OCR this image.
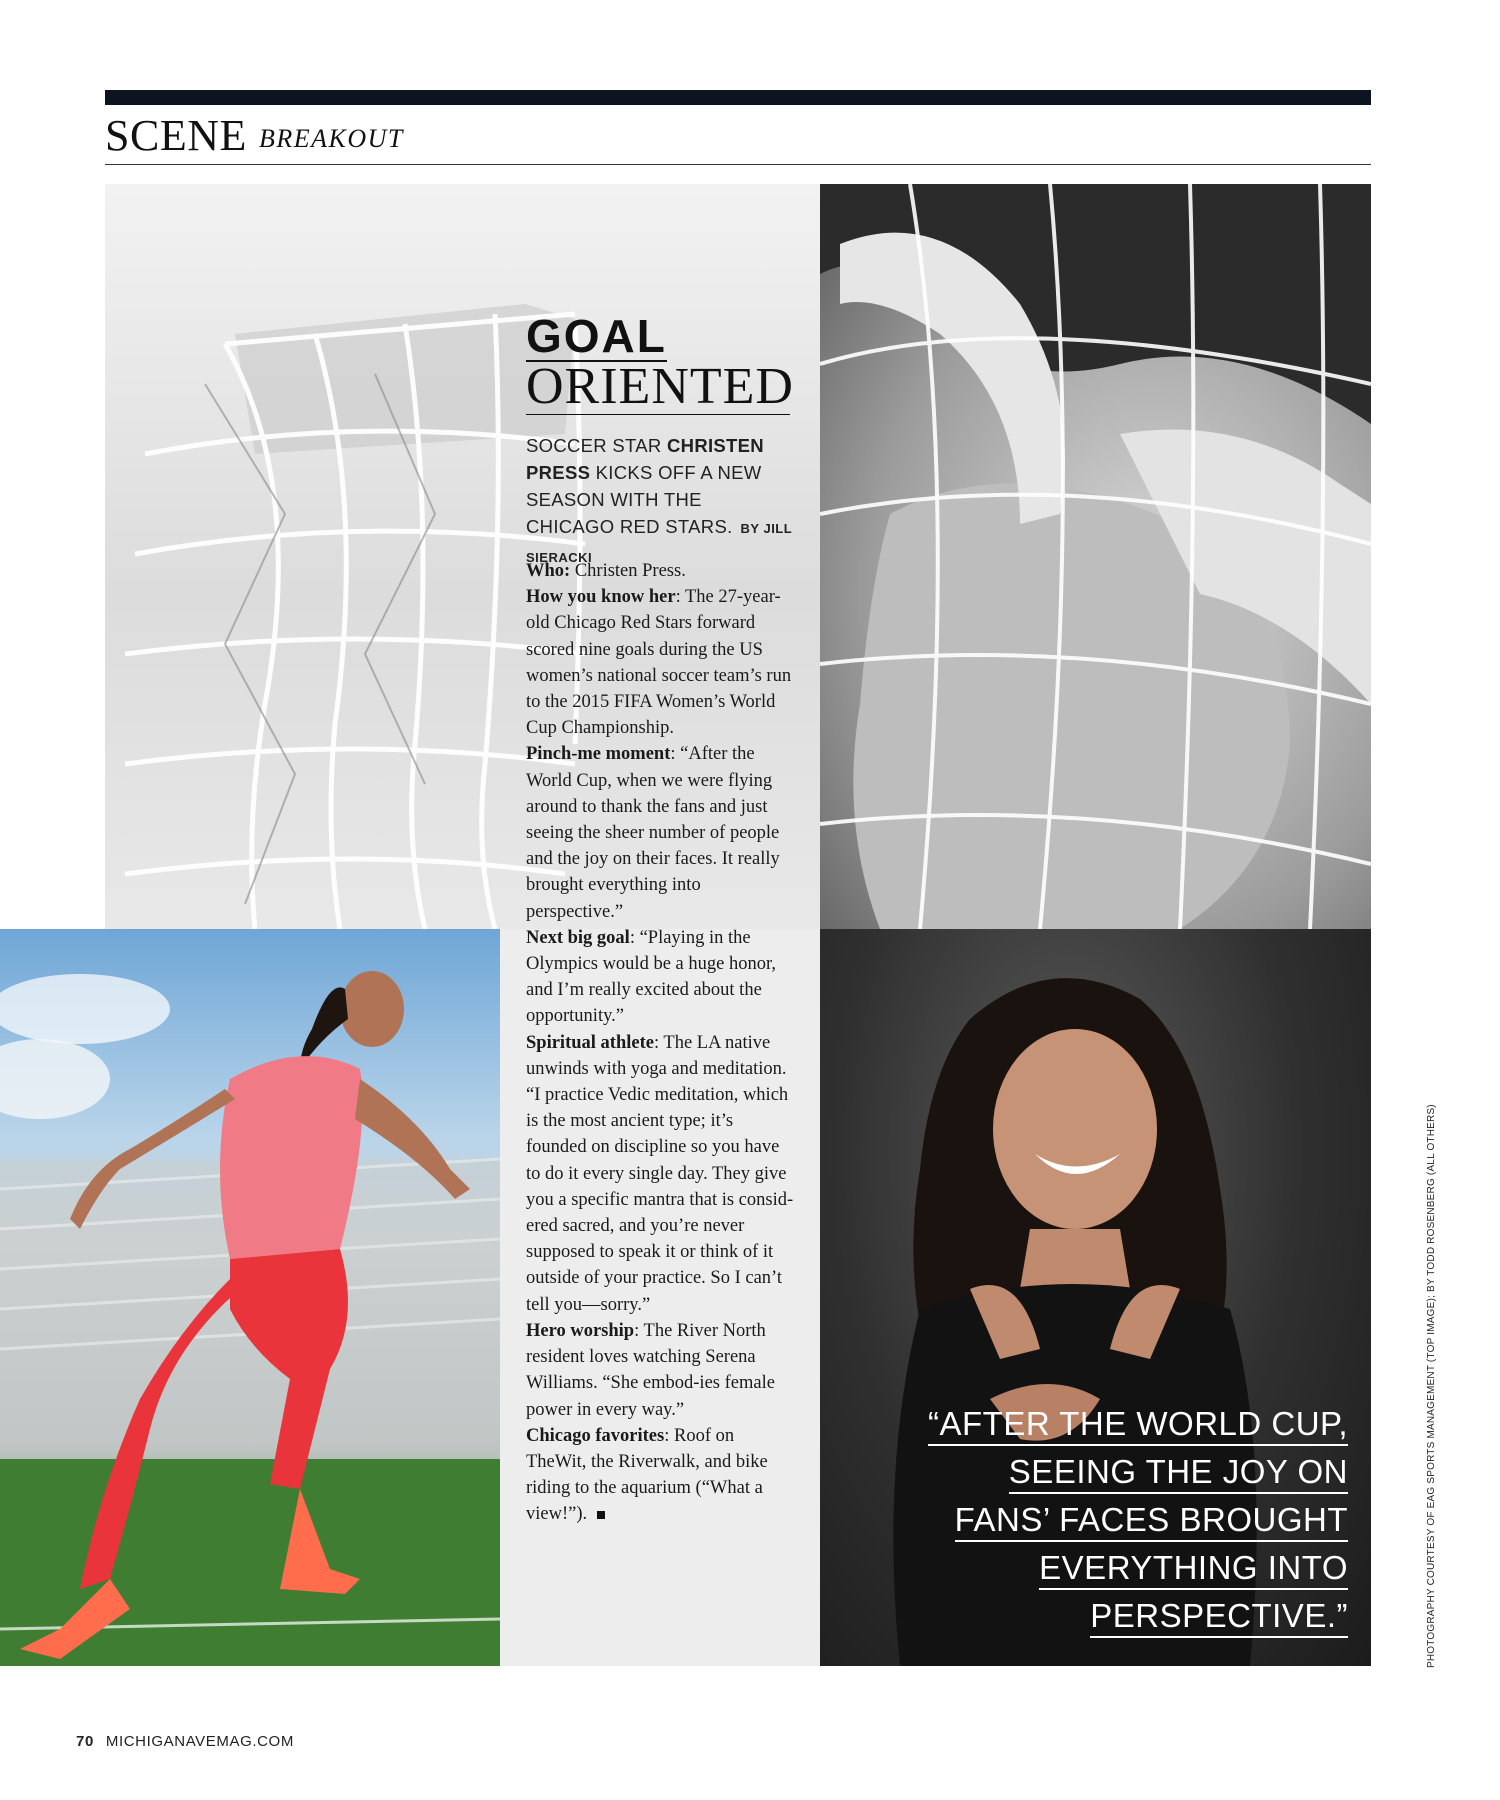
SCENE BREAKOUT
GOAL
ORIENTED
SOCCER STAR CHRISTEN PRESS KICKS OFF A NEW SEASON WITH THE CHICAGO RED STARS. BY JILL SIERACKI

Who: Christen Press.

How you know her: The 27-year-old Chicago Red Stars forward scored nine goals during the US women’s national soccer team’s run to the 2015 FIFA Women’s World Cup Championship.

Pinch-me moment: “After the World Cup, when we were flying around to thank the fans and just seeing the sheer number of people and the joy on their faces. It really brought everything into perspective.”

Next big goal: “Playing in the Olympics would be a huge honor, and I’m really excited about the opportunity.”

Spiritual athlete: The LA native unwinds with yoga and meditation. “I practice Vedic meditation, which is the most ancient type; it’s founded on discipline so you have to do it every single day. They give you a specific mantra that is consid-ered sacred, and you’re never supposed to speak it or think of it outside of your practice. So I can’t tell you—sorry.”

Hero worship: The River North resident loves watching Serena Williams. “She embod-ies female power in every way.”

Chicago favorites: Roof on TheWit, the Riverwalk, and bike riding to the aquarium (“What a view!”).

“AFTER THE WORLD CUP,
SEEING THE JOY ON
FANS’ FACES BROUGHT
EVERYTHING INTO
PERSPECTIVE.”	PHOTOGRAPHY COURTESY OF EAG SPORTS MANAGEMENT (TOP IMAGE); BY TODD ROSENBERG (ALL OTHERS)
70 MICHIGANAVEMAG.COM
